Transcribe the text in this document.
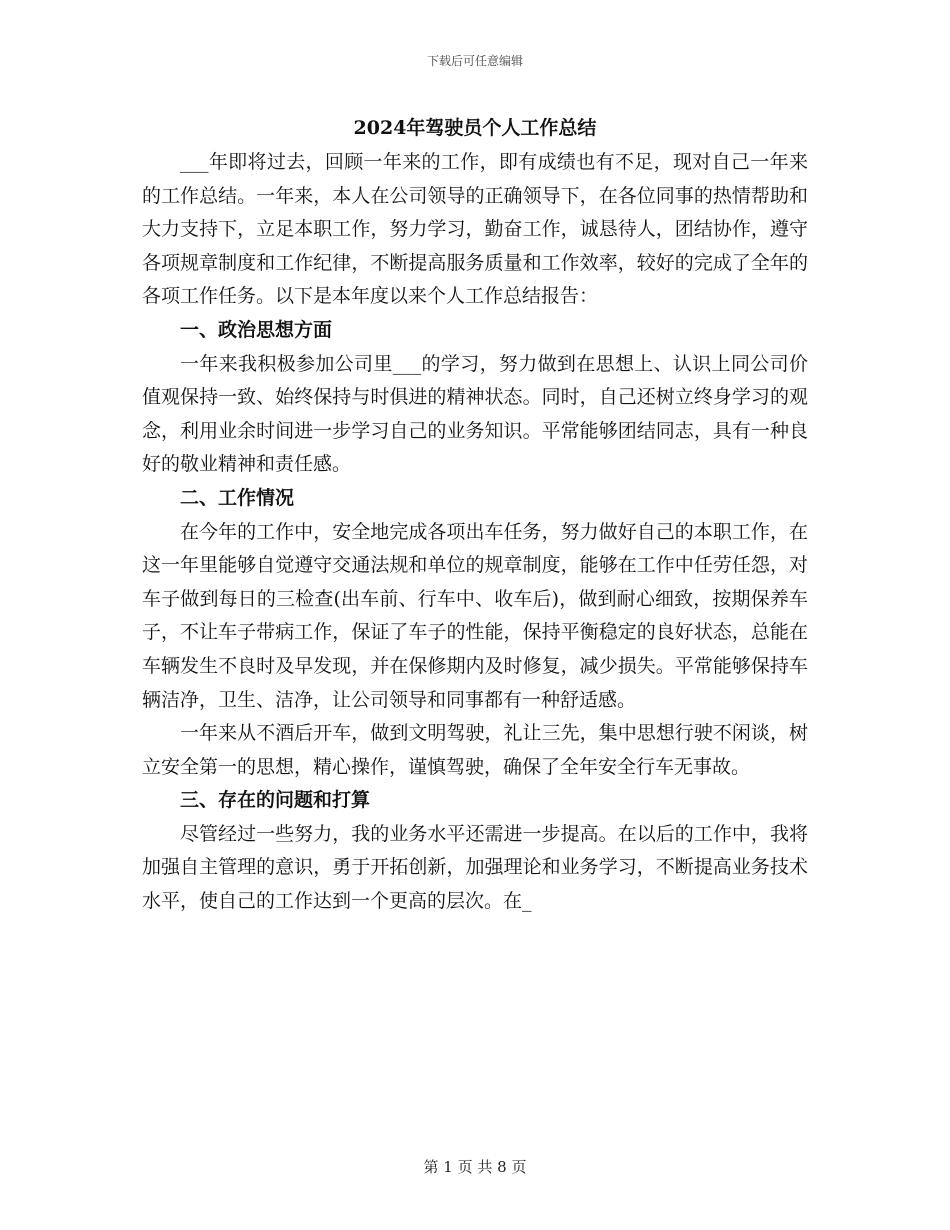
下载后可任意编辑
2024年驾驶员个人工作总结

___年即将过去，回顾一年来的工作，即有成绩也有不足，现对自己一年来的工作总结。一年来，本人在公司领导的正确领导下，在各位同事的热情帮助和大力支持下，立足本职工作，努力学习，勤奋工作，诚恳待人，团结协作，遵守各项规章制度和工作纪律，不断提高服务质量和工作效率，较好的完成了全年的各项工作任务。以下是本年度以来个人工作总结报告：

一、政治思想方面

一年来我积极参加公司里___的学习，努力做到在思想上、认识上同公司价值观保持一致、始终保持与时俱进的精神状态。同时，自己还树立终身学习的观念，利用业余时间进一步学习自己的业务知识。平常能够团结同志，具有一种良好的敬业精神和责任感。

二、工作情况

在今年的工作中，安全地完成各项出车任务，努力做好自己的本职工作，在这一年里能够自觉遵守交通法规和单位的规章制度，能够在工作中任劳任怨，对车子做到每日的三检查(出车前、行车中、收车后)，做到耐心细致，按期保养车子，不让车子带病工作，保证了车子的性能，保持平衡稳定的良好状态，总能在车辆发生不良时及早发现，并在保修期内及时修复，减少损失。平常能够保持车辆洁净，卫生、洁净，让公司领导和同事都有一种舒适感。

一年来从不酒后开车，做到文明驾驶，礼让三先，集中思想行驶不闲谈，树立安全第一的思想，精心操作，谨慎驾驶，确保了全年安全行车无事故。

三、存在的问题和打算

尽管经过一些努力，我的业务水平还需进一步提高。在以后的工作中，我将加强自主管理的意识，勇于开拓创新，加强理论和业务学习，不断提高业务技术水平，使自己的工作达到一个更高的层次。在_

第 1 页 共 8 页
